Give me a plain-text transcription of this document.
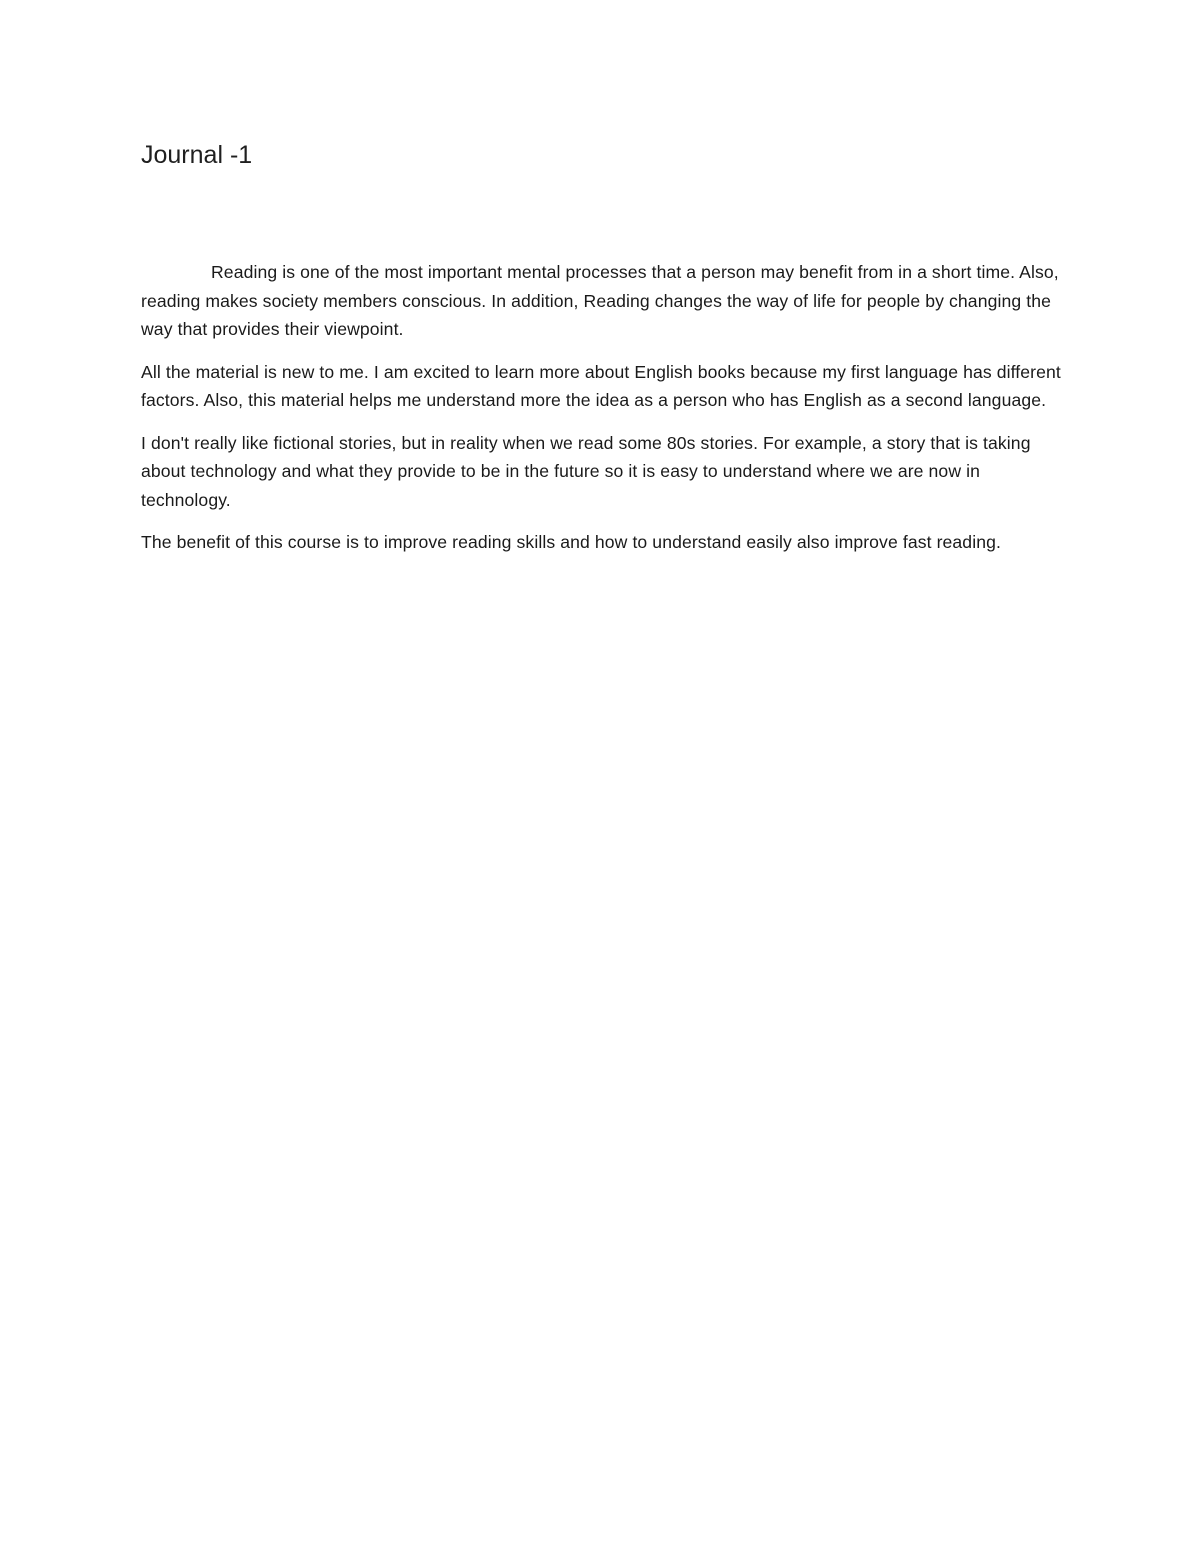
Journal -1

Reading is one of the most important mental processes that a person may benefit from in a short time. Also, reading makes society members conscious. In addition, Reading changes the way of life for people by changing the way that provides their viewpoint.

All the material is new to me. I am excited to learn more about English books because my first language has different factors. Also, this material helps me understand more the idea as a person who has English as a second language.

I don't really like fictional stories, but in reality when we read some 80s stories. For example, a story that is taking about technology and what they provide to be in the future so it is easy to understand where we are now in technology.

The benefit of this course is to improve reading skills and how to understand easily also improve fast reading.
